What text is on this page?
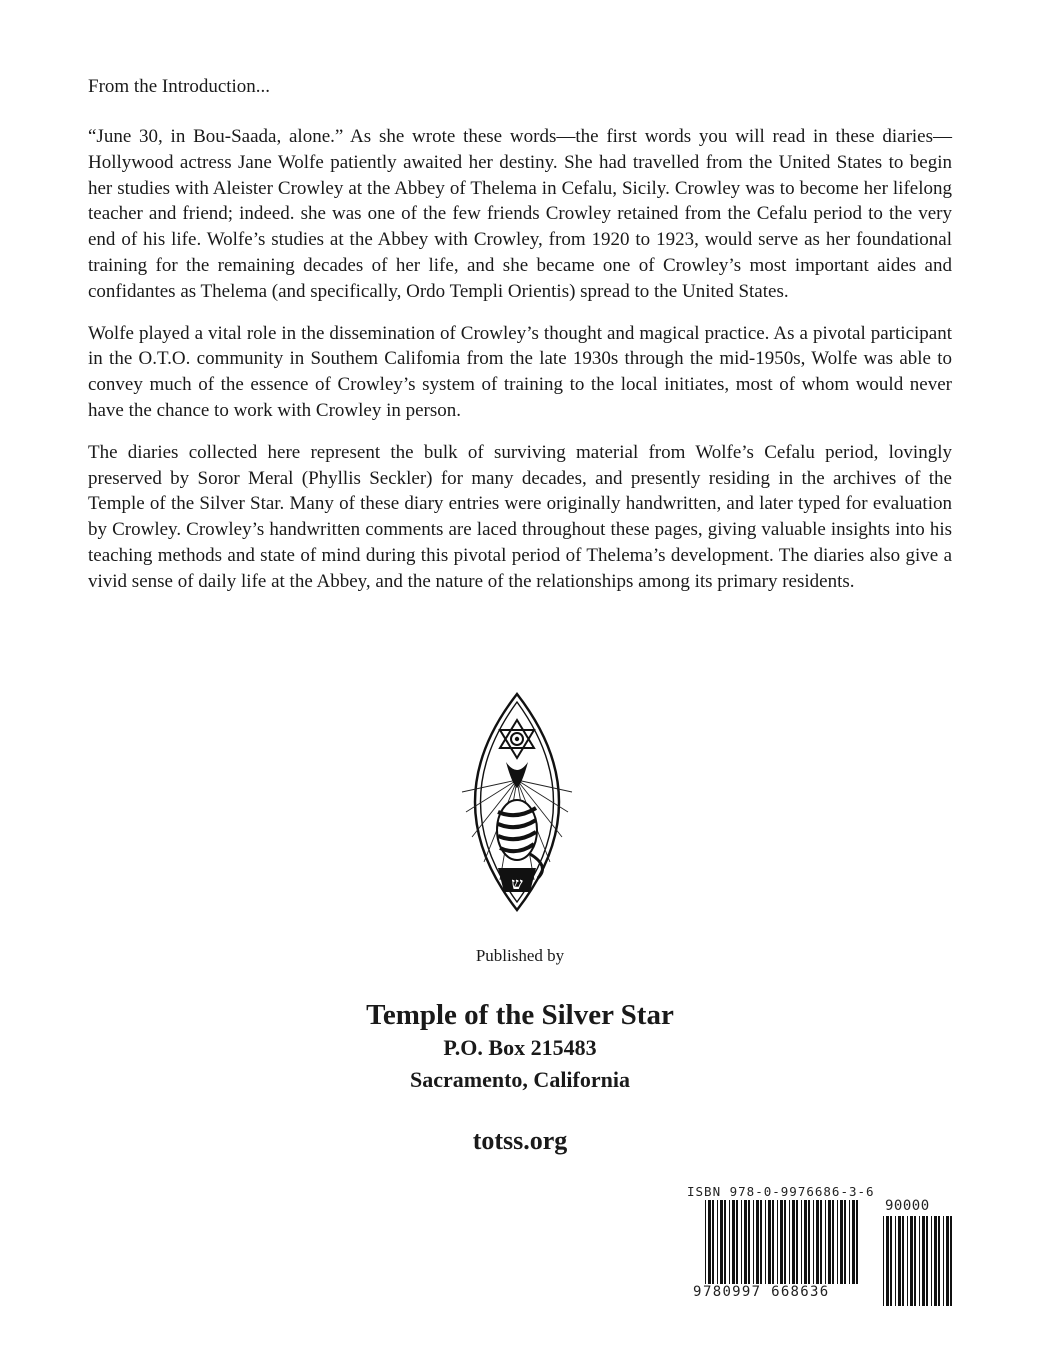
From the Introduction...

“June 30, in Bou-Saada, alone.” As she wrote these words—the first words you will read in these diaries—Hollywood actress Jane Wolfe patiently awaited her destiny. She had travelled from the United States to begin her studies with Aleister Crowley at the Abbey of Thelema in Cefalu, Sicily. Crowley was to become her lifelong teacher and friend; indeed. she was one of the few friends Crowley retained from the Cefalu period to the very end of his life. Wolfe’s studies at the Abbey with Crowley, from 1920 to 1923, would serve as her foundational training for the remaining decades of her life, and she became one of Crowley’s most important aides and confidantes as Thelema (and specifically, Ordo Templi Orientis) spread to the United States.

Wolfe played a vital role in the dissemination of Crowley’s thought and magical practice. As a pivotal participant in the O.T.O. community in Southem Califomia from the late 1930s through the mid-1950s, Wolfe was able to convey much of the essence of Crowley’s system of training to the local initiates, most of whom would never have the chance to work with Crowley in person.

The diaries collected here represent the bulk of surviving material from Wolfe’s Cefalu period, lovingly preserved by Soror Meral (Phyllis Seckler) for many decades, and presently residing in the archives of the Temple of the Silver Star. Many of these diary entries were originally handwritten, and later typed for evaluation by Crowley. Crowley’s handwritten comments are laced throughout these pages, giving valuable insights into his teaching methods and state of mind during this pivotal period of Thelema’s development. The diaries also give a vivid sense of daily life at the Abbey, and the nature of the relationships among its primary residents.

ש
Published by
Temple of the Silver Star
P.O. Box 215483
Sacramento, California
totss.org
ISBN 978-0-9976686-3-6
90000
9 780997 668636
